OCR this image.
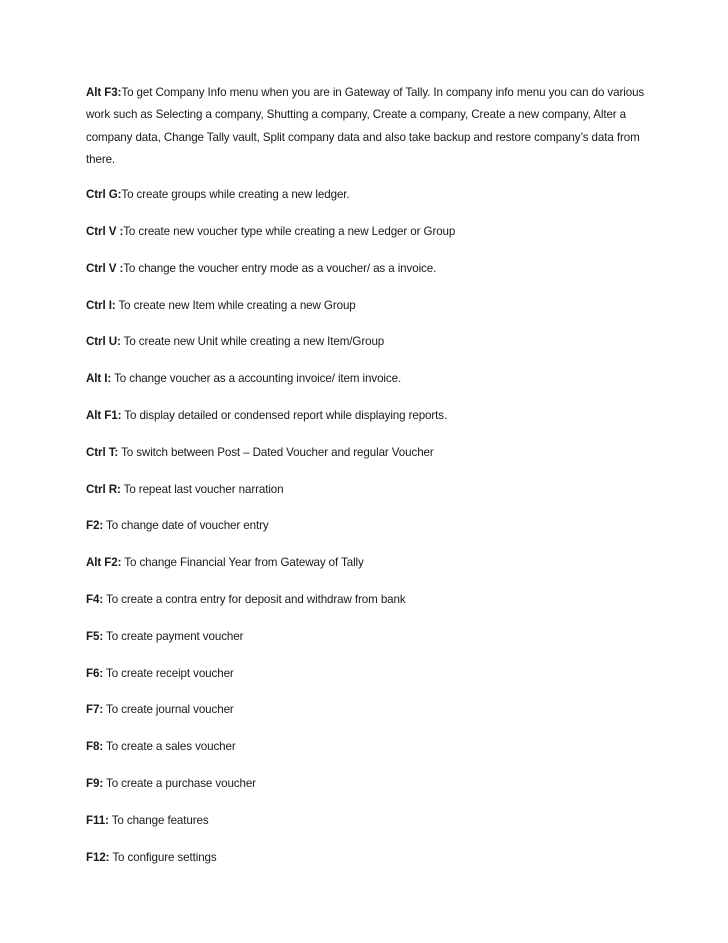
Alt F3:To get Company Info menu when you are in Gateway of Tally. In company info menu you can do various work such as Selecting a company, Shutting a company, Create a company, Create a new company, Alter a company data, Change Tally vault, Split company data and also take backup and restore company’s data from there.

Ctrl G:To create groups while creating a new ledger.
Ctrl V :To create new voucher type while creating a new Ledger or Group
Ctrl V :To change the voucher entry mode as a voucher/ as a invoice.
Ctrl I: To create new Item while creating a new Group
Ctrl U: To create new Unit while creating a new Item/Group
Alt I: To change voucher as a accounting invoice/ item invoice.
Alt F1: To display detailed or condensed report while displaying reports.
Ctrl T: To switch between Post – Dated Voucher and regular Voucher
Ctrl R: To repeat last voucher narration
F2: To change date of voucher entry
Alt F2: To change Financial Year from Gateway of Tally
F4: To create a contra entry for deposit and withdraw from bank
F5: To create payment voucher
F6: To create receipt voucher
F7: To create journal voucher
F8: To create a sales voucher
F9: To create a purchase voucher
F11: To change features
F12: To configure settings
